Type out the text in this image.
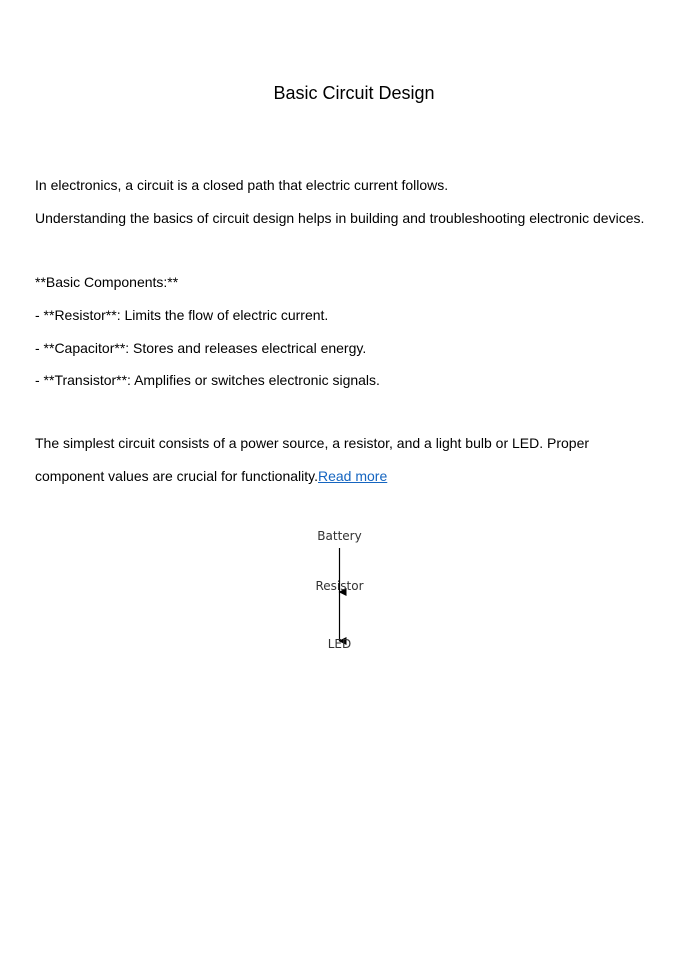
Basic Circuit Design

In electronics, a circuit is a closed path that electric current follows.

Understanding the basics of circuit design helps in building and troubleshooting electronic devices.

**Basic Components:**

- **Resistor**: Limits the flow of electric current.

- **Capacitor**: Stores and releases electrical energy.

- **Transistor**: Amplifies or switches electronic signals.

The simplest circuit consists of a power source, a resistor, and a light bulb or LED. Proper

component values are crucial for functionality.Read more

Battery
Resistor
LED
